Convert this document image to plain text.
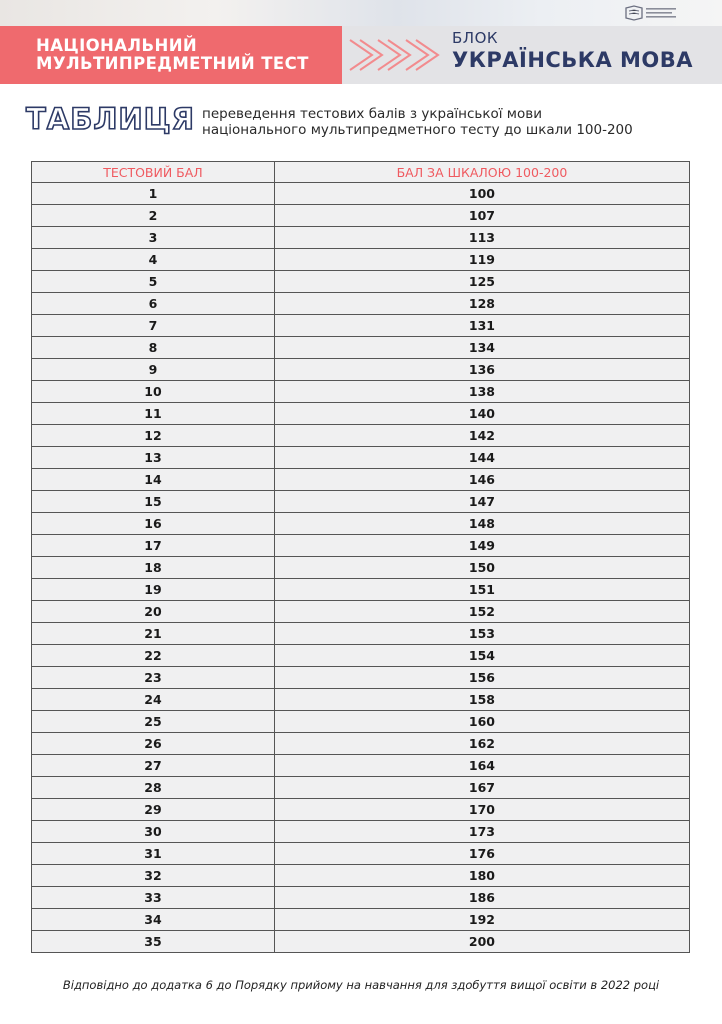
НАЦІОНАЛЬНИЙ
МУЛЬТИПРЕДМЕТНИЙ ТЕСТ
БЛОК
УКРАЇНСЬКА МОВА
ТАБЛИЦЯ переведення тестових балів з української мови
національного мультипредметного тесту до шкали 100-200
ТЕСТОВИЙ БАЛ	БАЛ ЗА ШКАЛОЮ 100-200
1	100
2	107
3	113
4	119
5	125
6	128
7	131
8	134
9	136
10	138
11	140
12	142
13	144
14	146
15	147
16	148
17	149
18	150
19	151
20	152
21	153
22	154
23	156
24	158
25	160
26	162
27	164
28	167
29	170
30	173
31	176
32	180
33	186
34	192
35	200
Відповідно до додатка 6 до Порядку прийому на навчання для здобуття вищої освіти в 2022 році
